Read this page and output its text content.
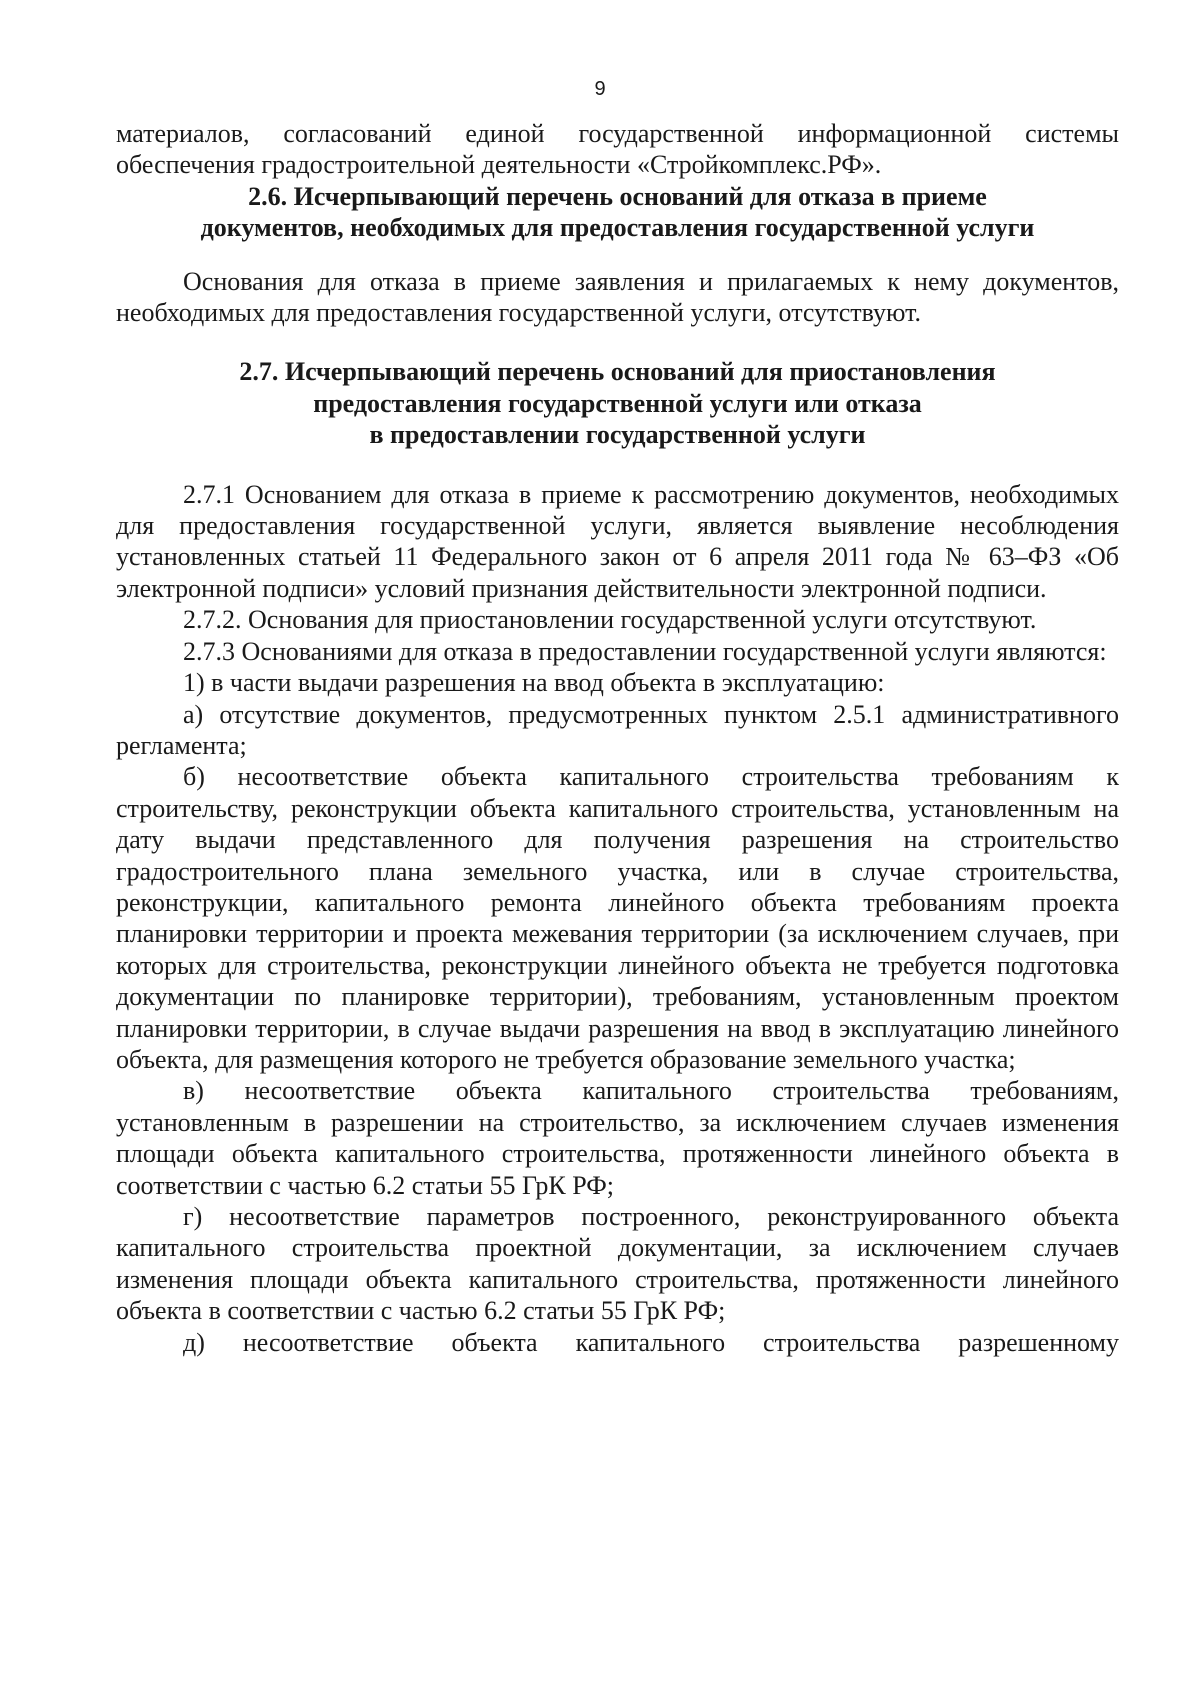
9

материалов, согласований единой государственной информационной системы обеспечения градостроительной деятельности «Стройкомплекс.РФ».

2.6. Исчерпывающий перечень оснований для отказа в приеме
документов, необходимых для предоставления государственной услуги

Основания для отказа в приеме заявления и прилагаемых к нему документов, необходимых для предоставления государственной услуги, отсутствуют.

2.7. Исчерпывающий перечень оснований для приостановления
предоставления государственной услуги или отказа
в предоставлении государственной услуги

2.7.1 Основанием для отказа в приеме к рассмотрению документов, необходимых для предоставления государственной услуги, является выявление несоблюдения установленных статьей 11 Федерального закон от 6 апреля 2011 года № 63–ФЗ «Об электронной подписи» условий признания действительности электронной подписи.

2.7.2. Основания для приостановлении государственной услуги отсутствуют.

2.7.3 Основаниями для отказа в предоставлении государственной услуги являются:

1) в части выдачи разрешения на ввод объекта в эксплуатацию:

а) отсутствие документов, предусмотренных пунктом 2.5.1 административного регламента;

б) несоответствие объекта капитального строительства требованиям к строительству, реконструкции объекта капитального строительства, установленным на дату выдачи представленного для получения разрешения на строительство градостроительного плана земельного участка, или в случае строительства, реконструкции, капитального ремонта линейного объекта требованиям проекта планировки территории и проекта межевания территории (за исключением случаев, при которых для строительства, реконструкции линейного объекта не требуется подготовка документации по планировке территории), требованиям, установленным проектом планировки территории, в случае выдачи разрешения на ввод в эксплуатацию линейного объекта, для размещения которого не требуется образование земельного участка;

в) несоответствие объекта капитального строительства требованиям, установленным в разрешении на строительство, за исключением случаев изменения площади объекта капитального строительства, протяженности линейного объекта в соответствии с частью 6.2 статьи 55 ГрК РФ;

г) несоответствие параметров построенного, реконструированного объекта капитального строительства проектной документации, за исключением случаев изменения площади объекта капитального строительства, протяженности линейного объекта в соответствии с частью 6.2 статьи 55 ГрК РФ;

д) несоответствие объекта капитального строительства разрешенному
